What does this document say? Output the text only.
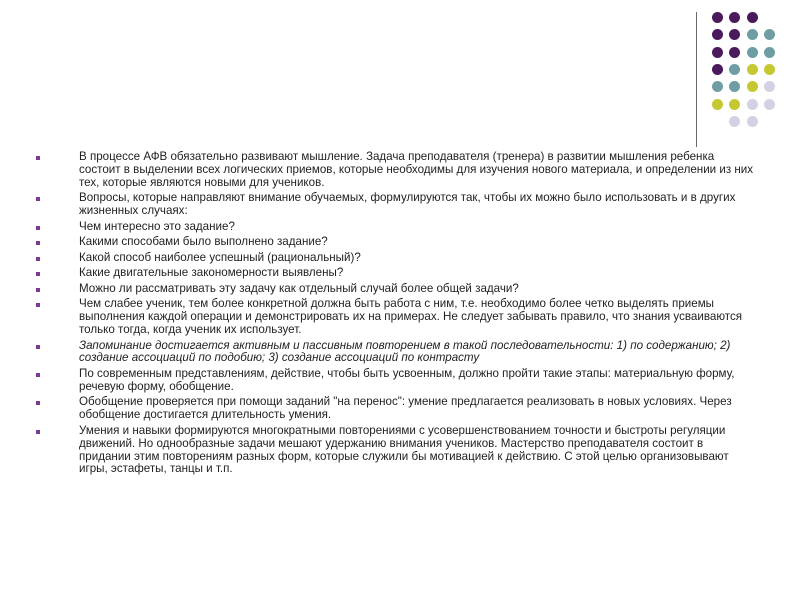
В процессе АФВ обязательно развивают мышление. Задача преподавателя (тренера) в развитии мышления ребенка состоит в выделении всех логических приемов, которые необходимы для изучения нового материала, и определении из них тех, которые являются новыми для учеников.
Вопросы, которые направляют внимание обучаемых, формулируются так, чтобы их можно было использовать и в других жизненных случаях:
Чем интересно это задание?
Какими способами было выполнено задание?
Какой способ наиболее успешный (рациональный)?
Какие двигательные закономерности выявлены?
Можно ли рассматривать эту задачу как отдельный случай более общей задачи?
Чем слабее ученик, тем более конкретной должна быть работа с ним, т.е. необходимо более четко выделять приемы выполнения каждой операции и демонстрировать их на примерах. Не следует забывать правило, что знания усваиваются только тогда, когда ученик их использует.
Запоминание достигается активным и пассивным повторением в такой последовательности: 1) по содержанию; 2) создание ассоциаций по подобию; 3) создание ассоциаций по контрасту
По современным представлениям, действие, чтобы быть усвоенным, должно пройти такие этапы: материальную форму, речевую форму, обобщение.
Обобщение проверяется при помощи заданий "на перенос": умение предлагается реализовать в новых условиях. Через обобщение достигается длительность умения.
Умения и навыки формируются многократными повторениями с усовершенствованием точности и быстроты регуляции движений. Но однообразные задачи мешают удержанию внимания учеников. Мастерство преподавателя состоит в придании этим повторениям разных форм, которые служили бы мотивацией к действию. С этой целью организовывают игры, эстафеты, танцы и т.п.
